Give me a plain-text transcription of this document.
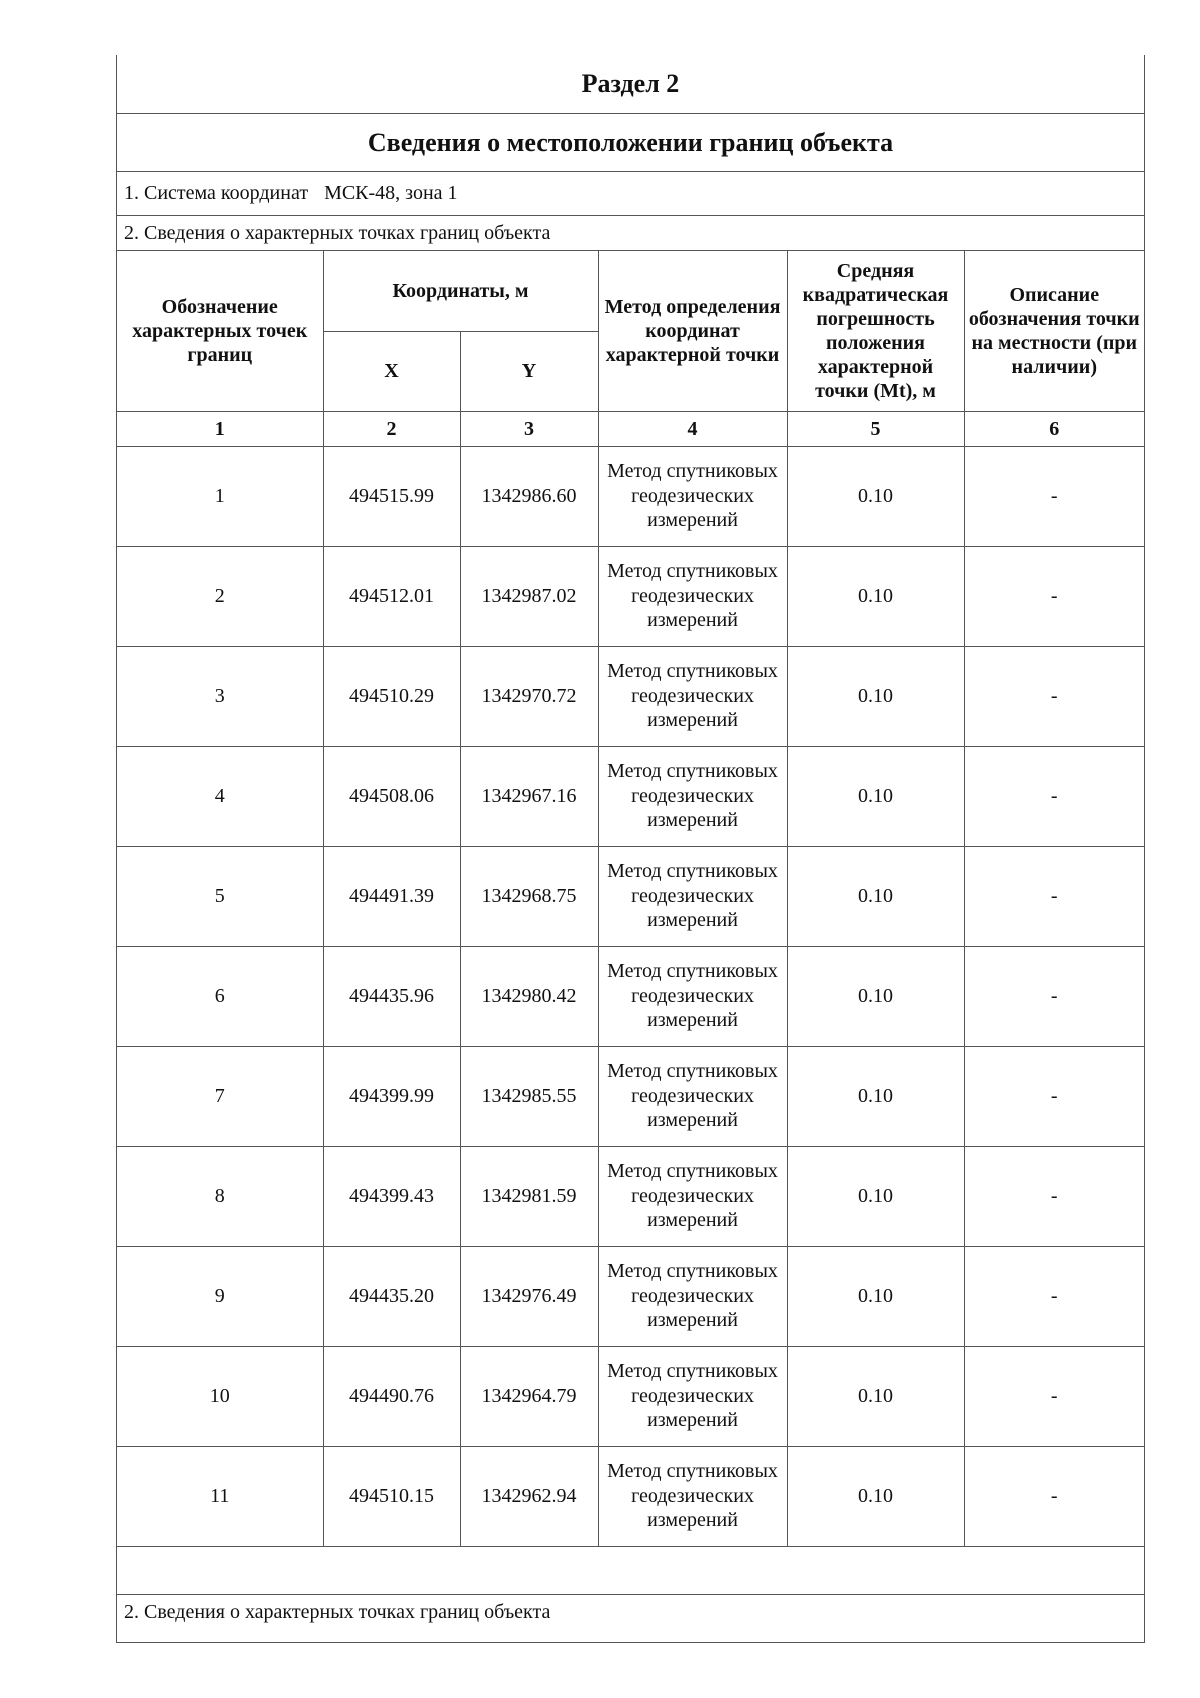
Раздел 2
Сведения о местоположении границ объекта
1. Система координат МСК-48, зона 1
2. Сведения о характерных точках границ объекта
Обозначение характерных точек границ	Координаты, м		Метод определения координат характерной точки	Средняя квадратическая погрешность положения характерной точки (Mt), м	Описание обозначения точки на местности (при наличии)
	X	Y			
1	2	3	4	5	6
1	494515.99	1342986.60	Метод спутниковых геодезических измерений	0.10	-
2	494512.01	1342987.02	Метод спутниковых геодезических измерений	0.10	-
3	494510.29	1342970.72	Метод спутниковых геодезических измерений	0.10	-
4	494508.06	1342967.16	Метод спутниковых геодезических измерений	0.10	-
5	494491.39	1342968.75	Метод спутниковых геодезических измерений	0.10	-
6	494435.96	1342980.42	Метод спутниковых геодезических измерений	0.10	-
7	494399.99	1342985.55	Метод спутниковых геодезических измерений	0.10	-
8	494399.43	1342981.59	Метод спутниковых геодезических измерений	0.10	-
9	494435.20	1342976.49	Метод спутниковых геодезических измерений	0.10	-
10	494490.76	1342964.79	Метод спутниковых геодезических измерений	0.10	-
11	494510.15	1342962.94	Метод спутниковых геодезических измерений	0.10	-
2. Сведения о характерных точках границ объекта
